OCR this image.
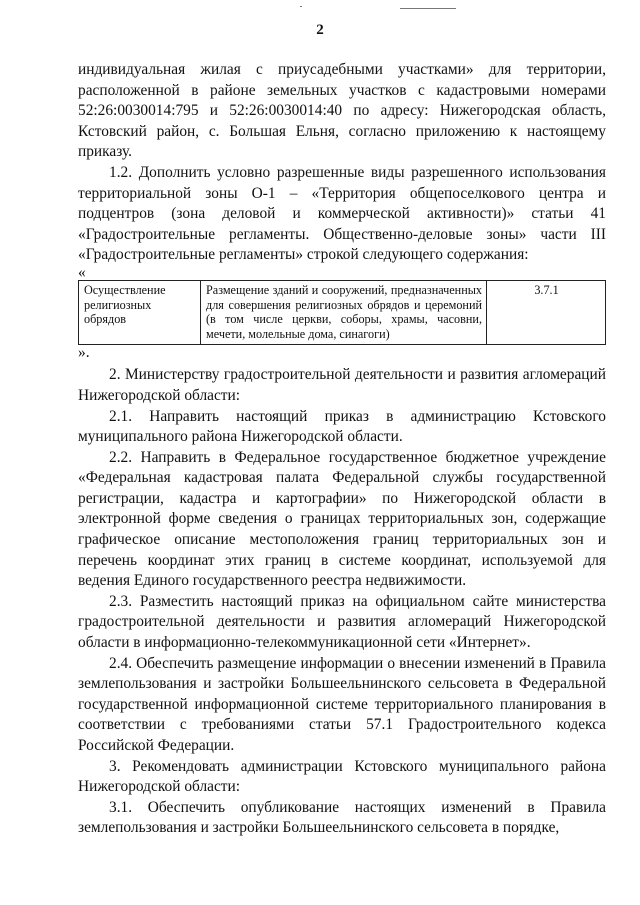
2

индивидуальная жилая с приусадебными участками» для территории, расположенной в районе земельных участков с кадастровыми номерами 52:26:0030014:795 и 52:26:0030014:40 по адресу: Нижегородская область, Кстовский район, с. Большая Ельня, согласно приложению к настоящему приказу.

1.2. Дополнить условно разрешенные виды разрешенного использования территориальной зоны О-1 – «Территория общепоселкового центра и подцентров (зона деловой и коммерческой активности)» статьи 41 «Градостроительные регламенты. Общественно-деловые зоны» части III «Градостроительные регламенты» строкой следующего содержания:

«

Осуществление религиозных обрядов	Размещение зданий и сооружений, предназначенных для совершения религиозных обрядов и церемоний (в том числе церкви, соборы, храмы, часовни, мечети, молельные дома, синагоги)	3.7.1

».

2. Министерству градостроительной деятельности и развития агломераций Нижегородской области:

2.1. Направить настоящий приказ в администрацию Кстовского муниципального района Нижегородской области.

2.2. Направить в Федеральное государственное бюджетное учреждение «Федеральная кадастровая палата Федеральной службы государственной регистрации, кадастра и картографии» по Нижегородской области в электронной форме сведения о границах территориальных зон, содержащие графическое описание местоположения границ территориальных зон и перечень координат этих границ в системе координат, используемой для ведения Единого государственного реестра недвижимости.

2.3. Разместить настоящий приказ на официальном сайте министерства градостроительной деятельности и развития агломераций Нижегородской области в информационно-телекоммуникационной сети «Интернет».

2.4. Обеспечить размещение информации о внесении изменений в Правила землепользования и застройки Большеельнинского сельсовета в Федеральной государственной информационной системе территориального планирования в соответствии с требованиями статьи 57.1 Градостроительного кодекса Российской Федерации.

3. Рекомендовать администрации Кстовского муниципального района Нижегородской области:

3.1. Обеспечить опубликование настоящих изменений в Правила землепользования и застройки Большеельнинского сельсовета в порядке,
